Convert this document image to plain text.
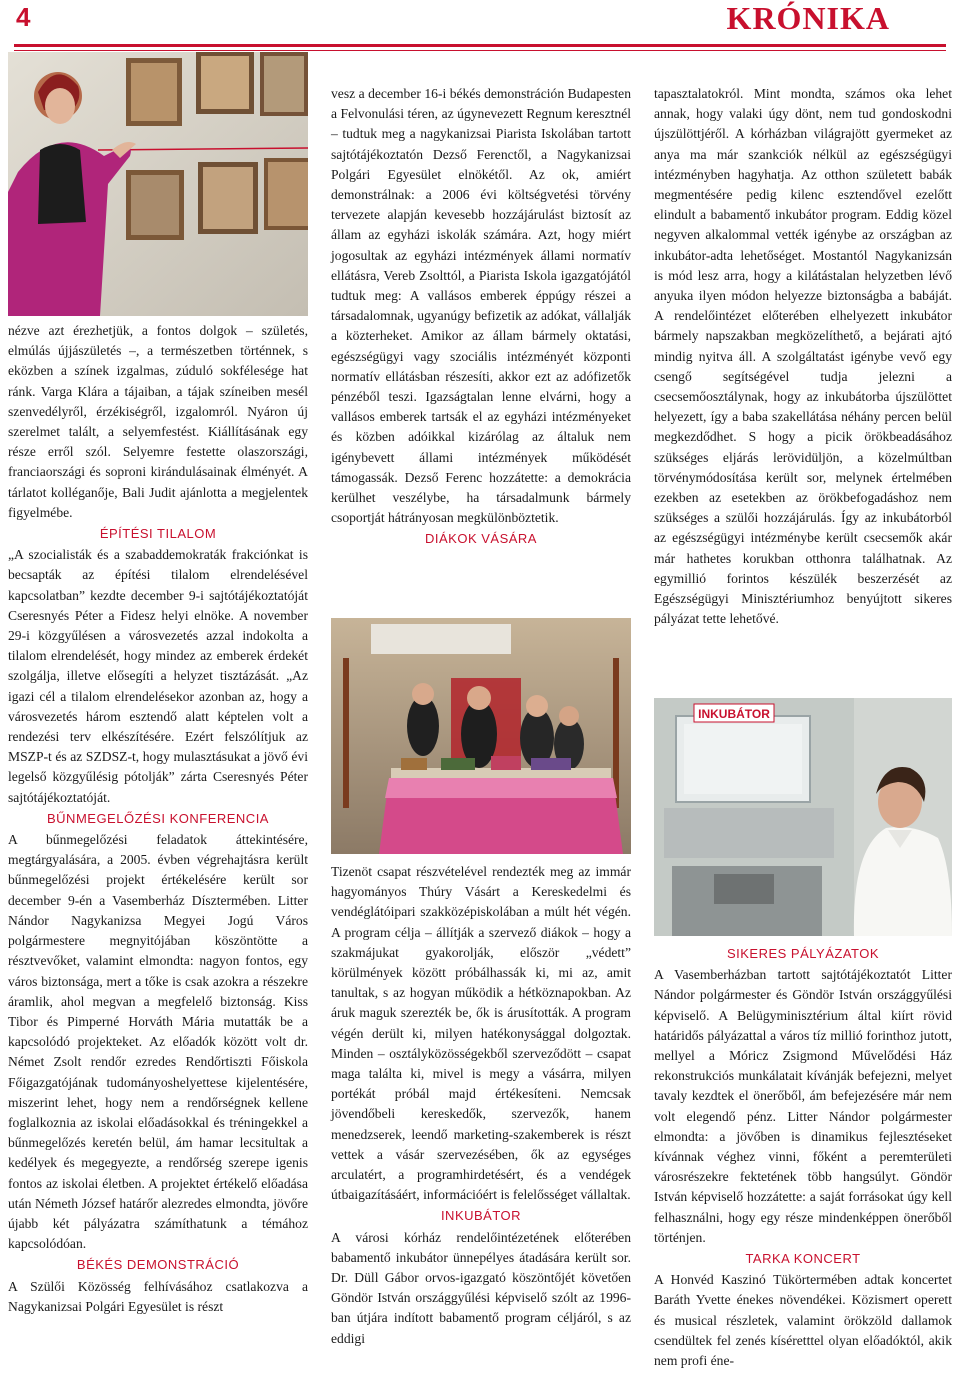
4	KRÓNIKA

nézve azt érezhetjük, a fontos dolgok – születés, elmúlás újjászületés –, a természetben történnek, s eközben a színek izgalmas, zúduló sokfélesége hat ránk. Varga Klára a tájaiban, a tájak színeiben mesél szenvedélyről, érzékiségről, izgalomról. Nyáron új szerelmet talált, a selyemfestést. Kiállításának egy része erről szól. Selyemre festette olaszországi, franciaországi és soproni kirándulásainak élményét. A tárlatot kolléganője, Bali Judit ajánlotta a megjelentek figyelmébe.

ÉPÍTÉSI TILALOM

„A szocialisták és a szabaddemokraták frakciónkat is becsapták az építési tilalom elrendelésével kapcsolatban” kezdte december 9-i sajtótájékoztatóját Cseresnyés Péter a Fidesz helyi elnöke. A november 29-i közgyűlésen a városvezetés azzal indokolta a tilalom elrendelését, hogy mindez az emberek érdekét szolgálja, illetve elősegíti a helyzet tisztázását. „Az igazi cél a tilalom elrendelésekor azonban az, hogy a városvezetés három esztendő alatt képtelen volt a rendezési terv elkészítésére. Ezért felszólítjuk az MSZP-t és az SZDSZ-t, hogy mulasztásukat a jövő évi legelső közgyűlésig pótolják” zárta Cseresnyés Péter sajtótájékoztatóját.

BŰNMEGELŐZÉSI KONFERENCIA

A bűnmegelőzési feladatok áttekintésére, megtárgyalására, a 2005. évben végrehajtásra került bűnmegelőzési projekt értékelésére került sor december 9-én a Vasemberház Dísztermében. Litter Nándor Nagykanizsa Megyei Jogú Város polgármestere megnyitójában köszöntötte a résztvevőket, valamint elmondta: nagyon fontos, egy város biztonsága, mert a tőke is csak azokra a részekre áramlik, ahol megvan a megfelelő biztonság. Kiss Tibor és Pimperné Horváth Mária mutatták be a kapcsolódó projekteket. Az előadók között volt dr. Német Zsolt rendőr ezredes Rendőrtiszti Főiskola Főigazgatójának tudományoshelyettese kijelentésére, miszerint lehet, hogy nem a rendőrségnek kellene foglalkoznia az iskolai előadásokkal és tréningekkel a bűnmegelőzés keretén belül, ám hamar lecsitultak a kedélyek és megegyezte, a rendőrség szerepe igenis fontos az iskolai életben. A projektet értékelő előadása után Németh József határőr alezredes elmondta, jövőre újabb két pályázatra számíthatunk a témához kapcsolódóan.

BÉKÉS DEMONSTRÁCIÓ

A Szülői Közösség felhívásához csatlakozva a Nagykanizsai Polgári Egyesület is részt

vesz a december 16-i békés demonstráción Budapesten a Felvonulási téren, az úgynevezett Regnum keresztnél – tudtuk meg a nagykanizsai Piarista Iskolában tartott sajtótájékoztatón Dezső Ferenctől, a Nagykanizsai Polgári Egyesület elnökétől. Az ok, amiért demonstrálnak: a 2006 évi költségvetési törvény tervezete alapján kevesebb hozzájárulást biztosít az állam az egyházi iskolák számára. Azt, hogy miért jogosultak az egyházi intézmények állami normatív ellátásra, Vereb Zsolttól, a Piarista Iskola igazgatójától tudtuk meg: A vallásos emberek éppúgy részei a társadalomnak, ugyanúgy befizetik az adókat, vállalják a közterheket. Amikor az állam bármely oktatási, egészségügyi vagy szociális intézményét központi normatív ellátásban részesíti, akkor ezt az adófizetők pénzéből teszi. Igazságtalan lenne elvárni, hogy a vallásos emberek tartsák el az egyházi intézményeket és közben adóikkal kizárólag az általuk nem igénybevett állami intézmények működését támogassák. Dezső Ferenc hozzátette: a demokrácia kerülhet veszélybe, ha társadalmunk bármely csoportját hátrányosan megkülönböztetik.

DIÁKOK VÁSÁRA

Tizenöt csapat részvételével rendezték meg az immár hagyományos Thúry Vásárt a Kereskedelmi és vendéglátóipari szakközépiskolában a múlt hét végén. A program célja – állítják a szervező diákok – hogy a szakmájukat gyakorolják, először „védett” körülmények között próbálhassák ki, mi az, amit tanultak, s az hogyan működik a hétköznapokban. Az áruk maguk szerezték be, ők is árusították. A program végén derült ki, milyen hatékonysággal dolgoztak. Minden – osztályközösségekből szerveződött – csapat maga találta ki, mivel is megy a vásárra, milyen portékát próbál majd értékesíteni. Nemcsak jövendőbeli kereskedők, szervezők, hanem menedzserek, leendő marketing-szakemberek is részt vettek a vásár szervezésében, ők az egységes arculatért, a programhirdetésért, és a vendégek útbaigazításáért, információért is felelősséget vállaltak.

INKUBÁTOR

A városi kórház rendelőintézetének előterében babamentő inkubátor ünnepélyes átadására került sor. Dr. Düll Gábor orvos-igazgató köszöntőjét követően Göndör István országgyűlési képviselő szólt az 1996-ban útjára indított babamentő program céljáról, s az eddigi

tapasztalatokról. Mint mondta, számos oka lehet annak, hogy valaki úgy dönt, nem tud gondoskodni újszülöttjéről. A kórházban világrajött gyermeket az anya ma már szankciók nélkül az egészségügyi intézményben hagyhatja. Az otthon született babák megmentésére pedig kilenc esztendővel ezelőtt elindult a babamentő inkubátor program. Eddig közel negyven alkalommal vették igénybe az országban az inkubátor-adta lehetőséget. Mostantól Nagykanizsán is mód lesz arra, hogy a kilátástalan helyzetben lévő anyuka ilyen módon helyezze biztonságba a babáját. A rendelőintézet előterében elhelyezett inkubátor bármely napszakban megközelíthető, a bejárati ajtó mindig nyitva áll. A szolgáltatást igénybe vevő egy csengő segítségével tudja jelezni a csecsemőosztálynak, hogy az inkubátorba újszülöttet helyezett, így a baba szakellátása néhány percen belül megkezdődhet. S hogy a picik örökbeadásához szükséges eljárás lerövidüljön, a közelmúltban törvénymódosítása került sor, melynek értelmében ezekben az esetekben az örökbefogadáshoz nem szükséges a szülői hozzájárulás. Így az inkubátorból az egészségügyi intézménybe került csecsemők akár már hathetes korukban otthonra találhatnak. Az egymillió forintos készülék beszerzését az Egészségügyi Minisztériumhoz benyújtott sikeres pályázat tette lehetővé.

INKUBÁTOR

SIKERES PÁLYÁZATOK

A Vasemberházban tartott sajtótájékoztatót Litter Nándor polgármester és Göndör István országgyűlési képviselő. A Belügyminisztérium által kiírt rövid határidős pályázattal a város tíz millió forinthoz jutott, mellyel a Móricz Zsigmond Művelődési Ház rekonstrukciós munkálatait kívánják befejezni, melyet tavaly kezdtek el önerőből, ám befejezésére már nem volt elegendő pénz. Litter Nándor polgármester elmondta: a jövőben is dinamikus fejlesztéseket kívánnak véghez vinni, főként a peremterületi városrészekre fektetének több hangsúlyt. Göndör István képviselő hozzátette: a saját forrásokat úgy kell felhasználni, hogy egy része mindenképpen önerőből történjen.

TARKA KONCERT

A Honvéd Kaszinó Tükörtermében adtak koncertet Baráth Yvette énekes növendékei. Közismert operett és musical részletek, valamint örökzöld dallamok csendültek fel zenés kíséretttel olyan előadóktól, akik nem profi éne-
